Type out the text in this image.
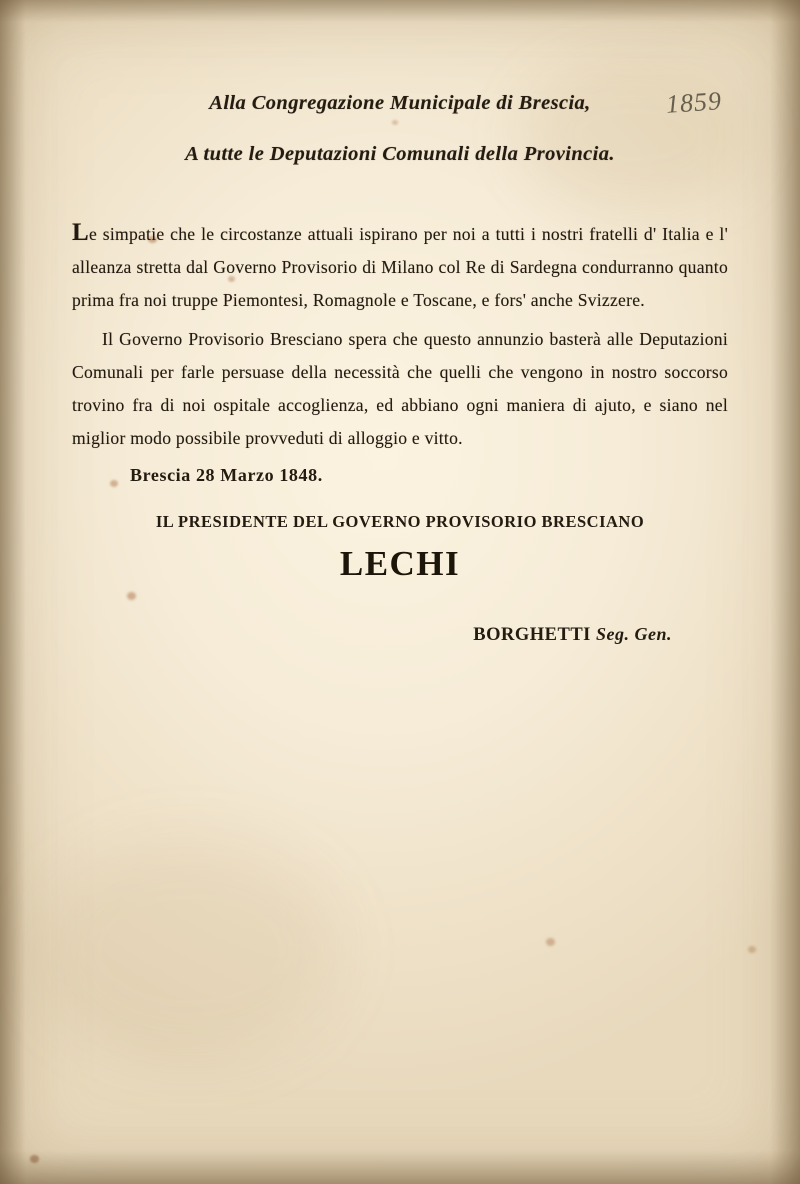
1859
Alla Congregazione Municipale di Brescia,
A tutte le Deputazioni Comunali della Provincia.

Le simpatie che le circostanze attuali ispirano per noi a tutti i nostri fratelli d' Italia e l' alleanza stretta dal Governo Provisorio di Milano col Re di Sardegna condurranno quanto prima fra noi truppe Piemontesi, Romagnole e Toscane, e fors' anche Svizzere.

Il Governo Provisorio Bresciano spera che questo annunzio basterà alle Deputazioni Comunali per farle persuase della necessità che quelli che vengono in nostro soccorso trovino fra di noi ospitale accoglienza, ed abbiano ogni maniera di ajuto, e siano nel miglior modo possibile provveduti di alloggio e vitto.

Brescia 28 Marzo 1848.
IL PRESIDENTE DEL GOVERNO PROVISORIO BRESCIANO
LECHI
BORGHETTI Seg. Gen.
